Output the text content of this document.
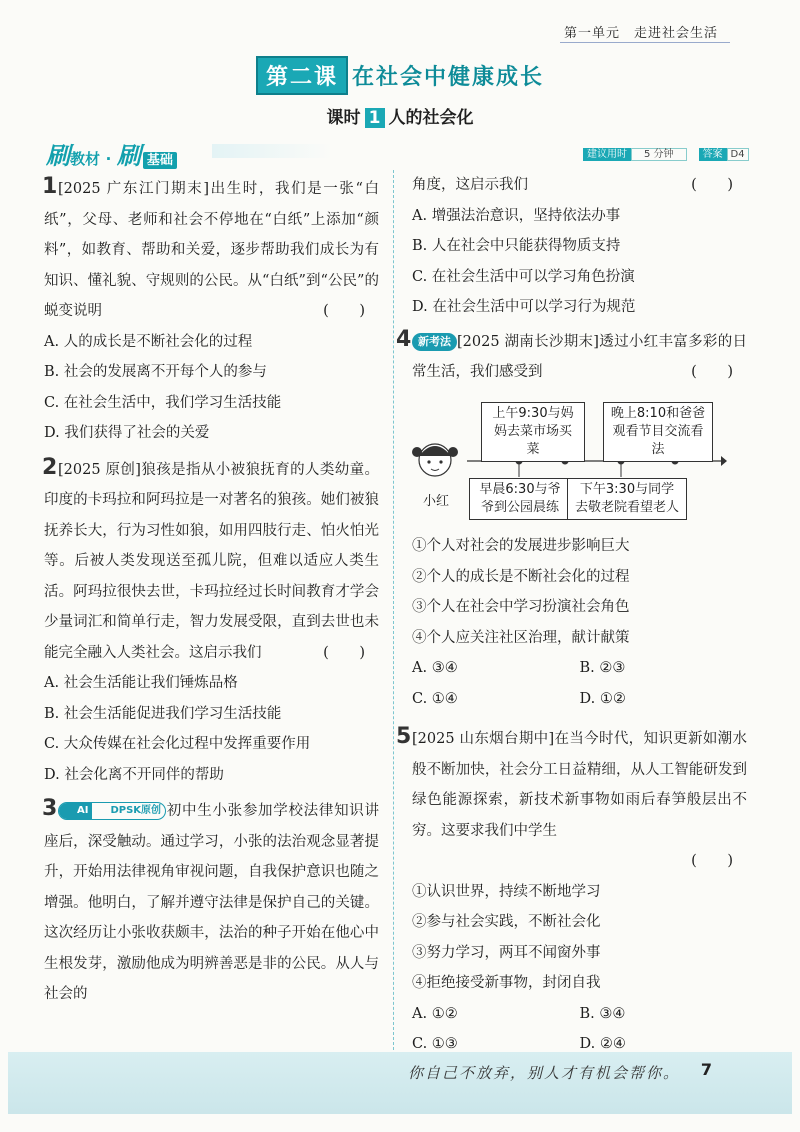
第一单元　走进社会生活
第二课 在社会中健康成长
课时 1 人的社会化
刷教材 · 刷 基础	建议用时 5 分钟	答案 D4
1 [2025 广东江门期末]出生时，我们是一张“白纸”，父母、老师和社会不停地在“白纸”上添加“颜料”，如教育、帮助和关爱，逐步帮助我们成长为有知识、懂礼貌、守规则的公民。从“白纸”到“公民”的蜕变说明	(　)

A. 人的成长是不断社会化的过程
B. 社会的发展离不开每个人的参与
C. 在社会生活中，我们学习生活技能
D. 我们获得了社会的关爱
2 [2025 原创]狼孩是指从小被狼抚育的人类幼童。印度的卡玛拉和阿玛拉是一对著名的狼孩。她们被狼抚养长大，行为习性如狼，如用四肢行走、怕火怕光等。后被人类发现送至孤儿院，但难以适应人类生活。阿玛拉很快去世，卡玛拉经过长时间教育才学会少量词汇和简单行走，智力发展受限，直到去世也未能完全融入人类社会。这启示我们	(　)

A. 社会生活能让我们锤炼品格
B. 社会生活能促进我们学习生活技能
C. 大众传媒在社会化过程中发挥重要作用
D. 社会化离不开同伴的帮助
3	AI	DPSK原创 初中生小张参加学校法律知识讲座后，深受触动。通过学习，小张的法治观念显著提升，开始用法律视角审视问题，自我保护意识也随之增强。他明白，了解并遵守法律是保护自己的关键。这次经历让小张收获颇丰，法治的种子开始在他心中生根发芽，激励他成为明辨善恶是非的公民。从人与社会的

角度，这启示我们	(　)

A. 增强法治意识，坚持依法办事
B. 人在社会中只能获得物质支持
C. 在社会生活中可以学习角色扮演
D. 在社会生活中可以学习行为规范
4 新考法 [2025 湖南长沙期末]透过小红丰富多彩的日常生活，我们感受到	(　)

上午9:30与妈妈去菜市场买菜
晚上8:10和爸爸观看节目交流看法
早晨6:30与爷爷到公园晨练
下午3:30与同学去敬老院看望老人
小红
①个人对社会的发展进步影响巨大
②个人的成长是不断社会化的过程
③个人在社会中学习扮演社会角色
④个人应关注社区治理，献计献策
A. ③④	B. ②③
C. ①④	D. ①②
5 [2025 山东烟台期中]在当今时代，知识更新如潮水般不断加快，社会分工日益精细，从人工智能研发到绿色能源探索，新技术新事物如雨后春笋般层出不穷。这要求我们中学生

(　)

①认识世界，持续不断地学习
②参与社会实践，不断社会化
③努力学习，两耳不闻窗外事
④拒绝接受新事物，封闭自我
A. ①②	B. ③④
C. ①③	D. ②④
你自己不放弃，别人才有机会帮你。 7
